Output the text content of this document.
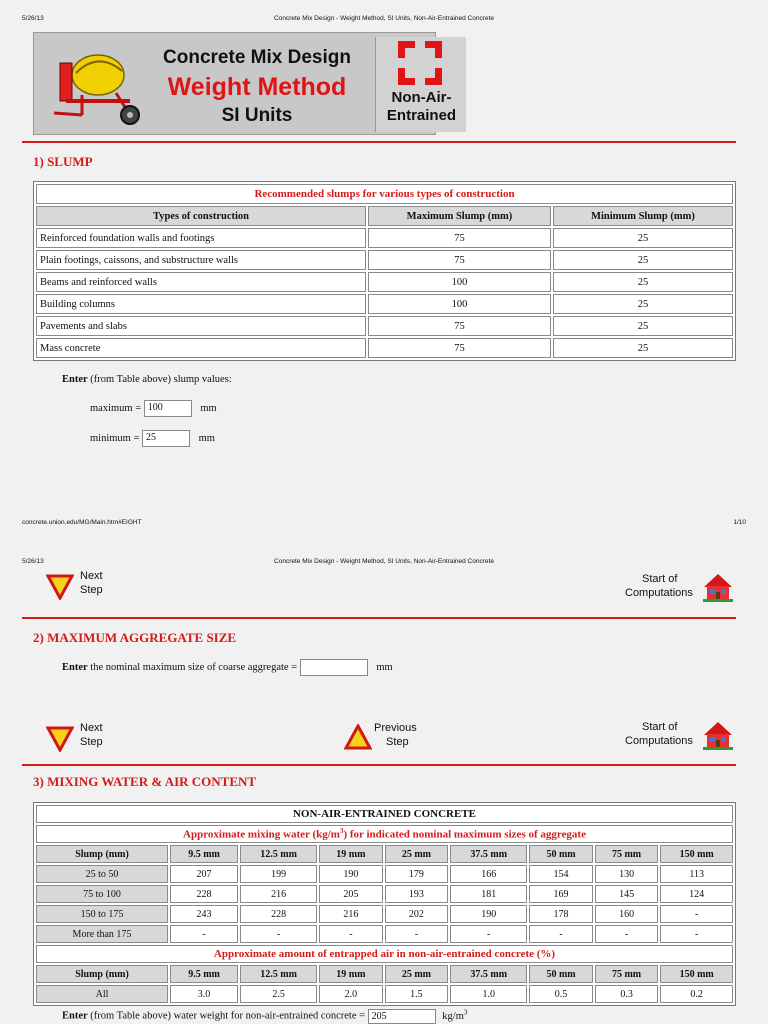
5/26/13	Concrete Mix Design - Weight Method, SI Units, Non-Air-Entrained Concrete
Concrete Mix Design
Weight Method
SI Units
Non-Air-
Entrained
1) SLUMP
Recommended slumps for various types of construction		
Types of construction	Maximum Slump (mm)	Minimum Slump (mm)
Reinforced foundation walls and footings	75	25
Plain footings, caissons, and substructure walls	75	25
Beams and reinforced walls	100	25
Building columns	100	25
Pavements and slabs	75	25
Mass concrete	75	25
Enter (from Table above) slump values:
maximum = 100	mm
minimum = 25	mm
concrete.union.edu/MG/Main.htm#EIGHT	1/10
5/26/13	Concrete Mix Design - Weight Method, SI Units, Non-Air-Entrained Concrete
Next
Step
Start of
Computations
2) MAXIMUM AGGREGATE SIZE
Enter the nominal maximum size of coarse aggregate =	mm
Next
Step
Previous
Step
Start of
Computations
3) MIXING WATER & AIR CONTENT
NON-AIR-ENTRAINED CONCRETE								
Approximate mixing water $(kg/m^3)$ for indicated nominal maximum sizes of aggregate								
Slump (mm)	9.5 mm	12.5 mm	19 mm	25 mm	37.5 mm	50 mm	75 mm	150 mm
25 to 50	207	199	190	179	166	154	130	113
75 to 100	228	216	205	193	181	169	145	124
150 to 175	243	228	216	202	190	178	160	-
More than 175	-	-	-	-	-	-	-	-
Approximate amount of entrapped air in non-air-entrained concrete (%)								
Slump (mm)	9.5 mm	12.5 mm	19 mm	25 mm	37.5 mm	50 mm	75 mm	150 mm
All	3.0	2.5	2.0	1.5	1.0	0.5	0.3	0.2
Enter (from Table above) water weight for non-air-entrained concrete = 205	$kg/m^3$
